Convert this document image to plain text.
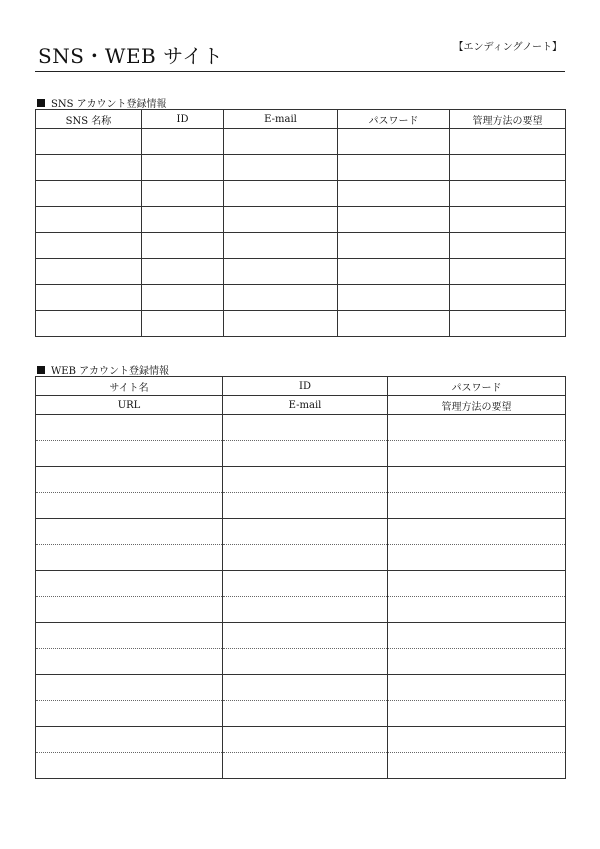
SNS・WEB サイト	【エンディングノート】
SNS アカウント登録情報
SNS 名称	ID	E-mail	パスワード	管理方法の要望

WEB アカウント登録情報
サイト名	ID	パスワード
URL	E-mail	管理方法の要望
